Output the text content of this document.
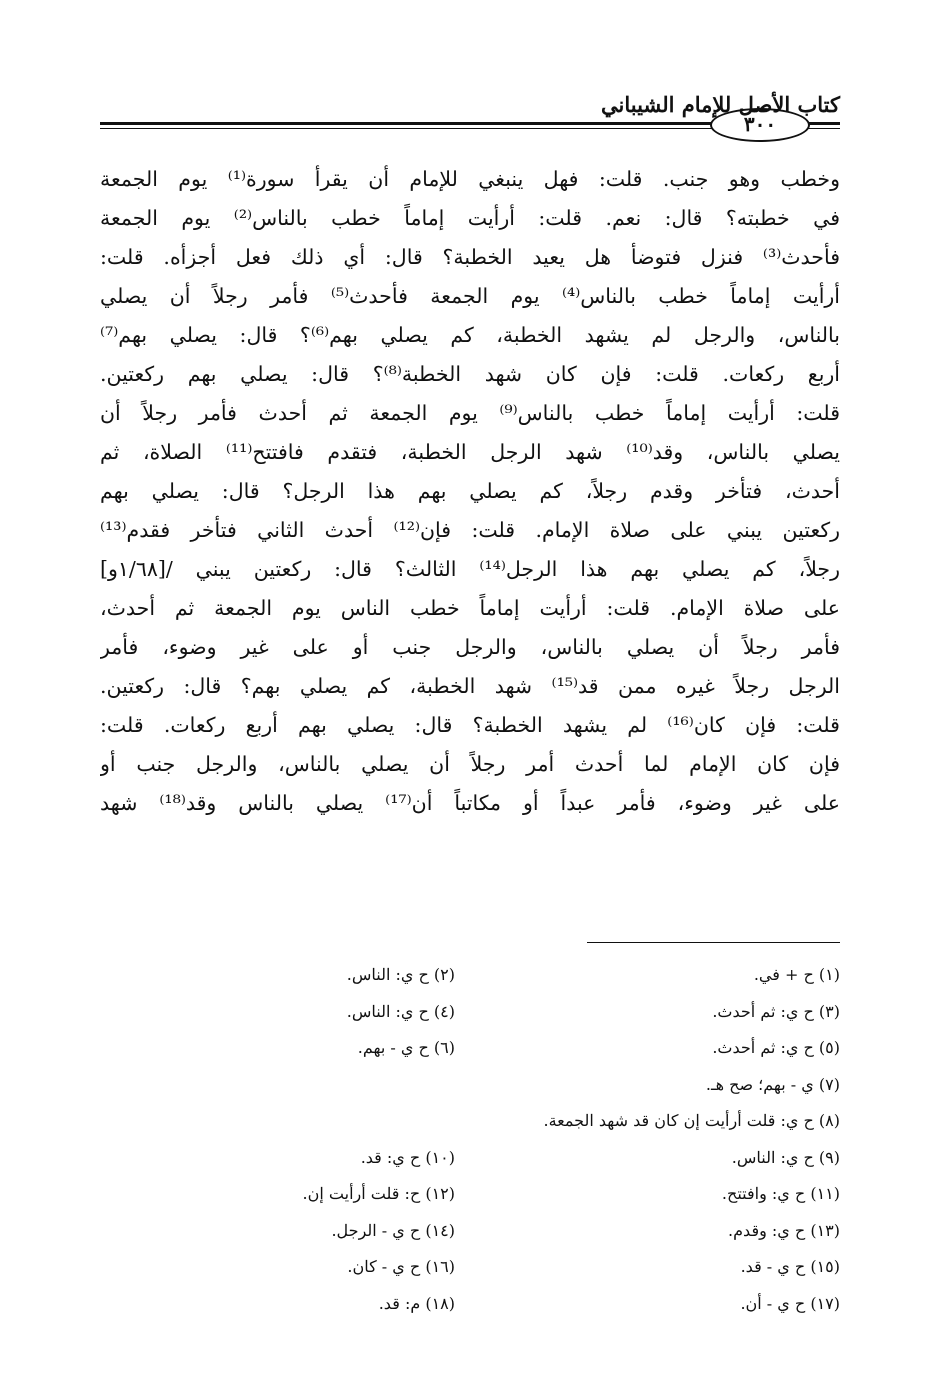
٣٠٠
كتاب الأصل للإمام الشيباني
وخطب وهو جنب. قلت: فهل ينبغي للإمام أن يقرأ سورة⁽¹⁾ يوم الجمعة
في خطبته؟ قال: نعم. قلت: أرأيت إماماً خطب بالناس⁽²⁾ يوم الجمعة
فأحدث⁽³⁾ فنزل فتوضأ هل يعيد الخطبة؟ قال: أي ذلك فعل أجزأه. قلت:
أرأيت إماماً خطب بالناس⁽⁴⁾ يوم الجمعة فأحدث⁽⁵⁾ فأمر رجلاً أن يصلي
بالناس، والرجل لم يشهد الخطبة، كم يصلي بهم⁽⁶⁾؟ قال: يصلي بهم⁽⁷⁾
أربع ركعات. قلت: فإن كان شهد الخطبة⁽⁸⁾؟ قال: يصلي بهم ركعتين.
قلت: أرأيت إماماً خطب بالناس⁽⁹⁾ يوم الجمعة ثم أحدث فأمر رجلاً أن
يصلي بالناس، وقد⁽¹⁰⁾ شهد الرجل الخطبة، فتقدم فافتتح⁽¹¹⁾ الصلاة، ثم
أحدث، فتأخر وقدم رجلاً، كم يصلي بهم هذا الرجل؟ قال: يصلي بهم
ركعتين يبني على صلاة الإمام. قلت: فإن⁽¹²⁾ أحدث الثاني فتأخر فقدم⁽¹³⁾
رجلاً، كم يصلي بهم هذا الرجل⁽¹⁴⁾ الثالث؟ قال: ركعتين يبني /[١/٦٨و]
على صلاة الإمام. قلت: أرأيت إماماً خطب الناس يوم الجمعة ثم أحدث،
فأمر رجلاً أن يصلي بالناس، والرجل جنب أو على غير وضوء، فأمر
الرجل رجلاً غيره ممن قد⁽¹⁵⁾ شهد الخطبة، كم يصلي بهم؟ قال: ركعتين.
قلت: فإن كان⁽¹⁶⁾ لم يشهد الخطبة؟ قال: يصلي بهم أربع ركعات. قلت:
فإن كان الإمام لما أحدث أمر رجلاً أن يصلي بالناس، والرجل جنب أو
على غير وضوء، فأمر عبداً أو مكاتباً أن⁽¹⁷⁾ يصلي بالناس وقد⁽¹⁸⁾ شهد
(١) ح + في.
(٢) ح ي: الناس.
(٣) ح ي: ثم أحدث.
(٤) ح ي: الناس.
(٥) ح ي: ثم أحدث.
(٦) ح ي - بهم.
(٧) ي - بهم؛ صح هـ.
(٨) ح ي: قلت أرأيت إن كان قد شهد الجمعة.
(٩) ح ي: الناس.
(١٠) ح ي: قد.
(١١) ح ي: وافتتح.
(١٢) ح: قلت أرأيت إن.
(١٣) ح ي: وقدم.
(١٤) ح ي - الرجل.
(١٥) ح ي - قد.
(١٦) ح ي - كان.
(١٧) ح ي - أن.
(١٨) م: قد.
